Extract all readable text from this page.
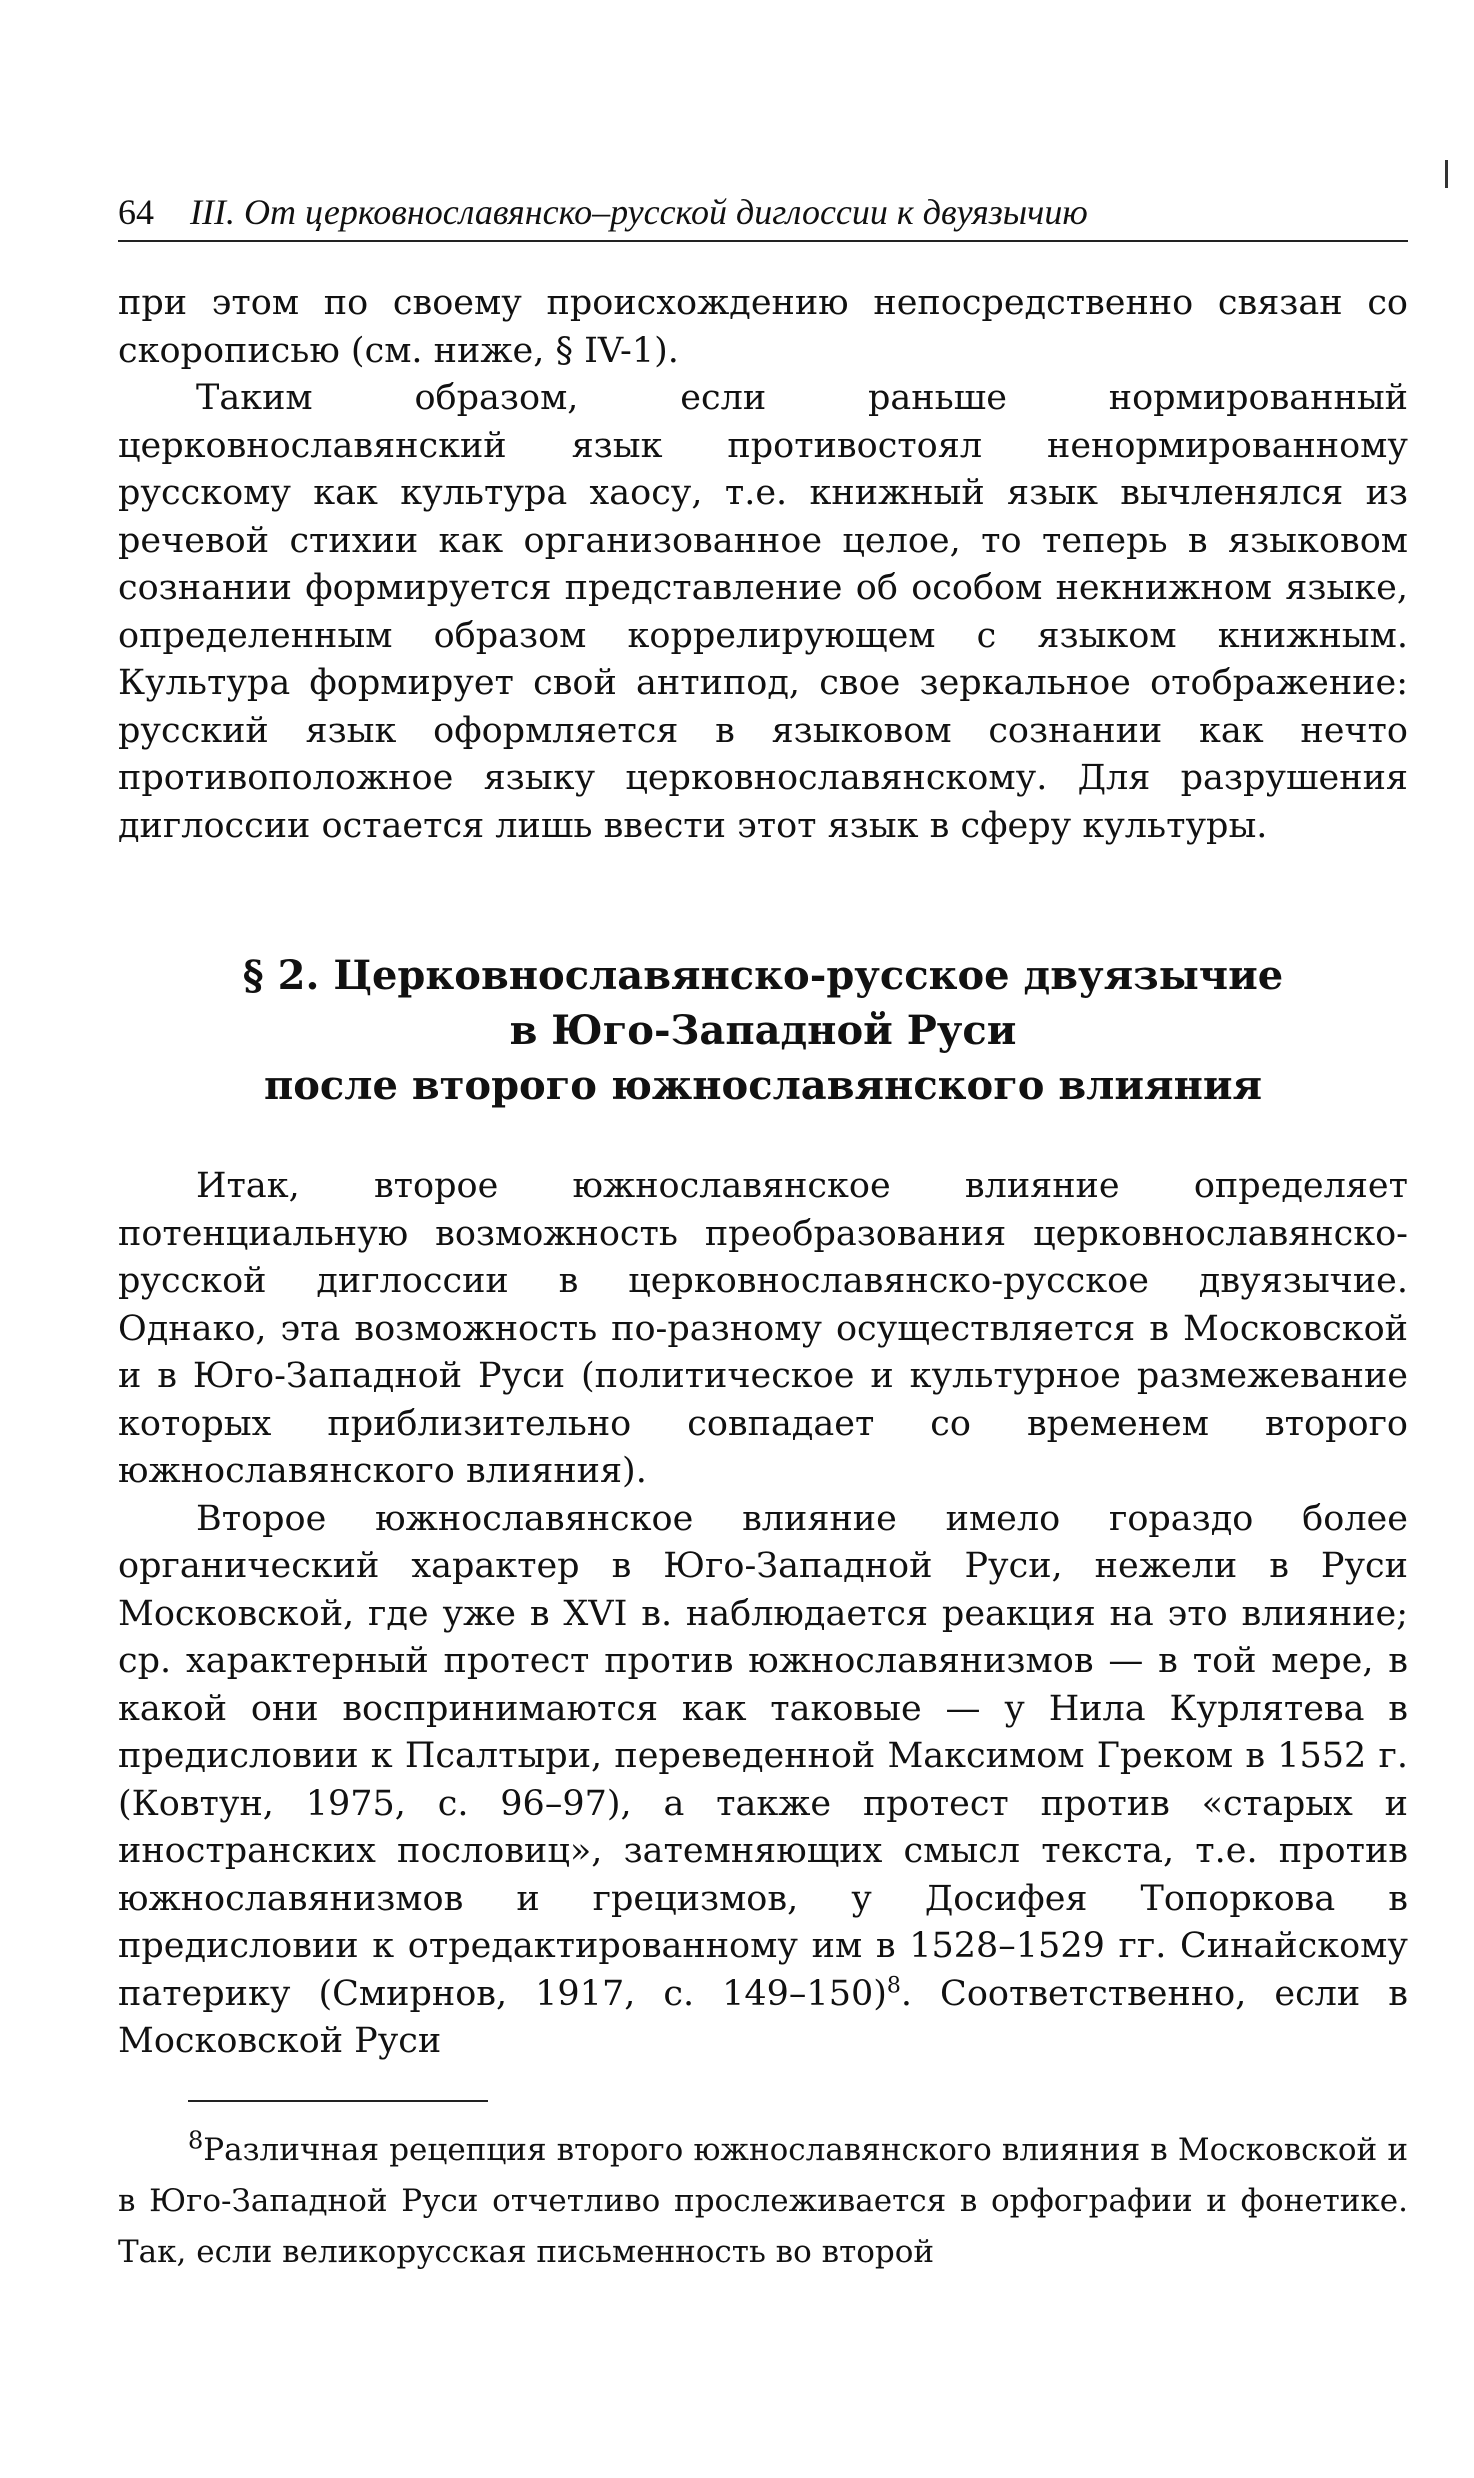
64 III. От церковнославянско–русской диглоссии к двуязычию

при этом по своему происхождению непосредственно связан со скорописью (см. ниже, § IV-1).

Таким образом, если раньше нормированный церковнославянский язык противостоял ненормированному русскому как культура хаосу, т.е. книжный язык вычленялся из речевой стихии как организованное целое, то теперь в языковом сознании формируется представление об особом некнижном языке, определенным образом коррелирующем с языком книжным. Культура формирует свой антипод, свое зеркальное отображение: русский язык оформляется в языковом сознании как нечто противоположное языку церковнославянскому. Для разрушения диглоссии остается лишь ввести этот язык в сферу культуры.

§ 2. Церковнославянско-русское двуязычие
в Юго-Западной Руси
после второго южнославянского влияния

Итак, второе южнославянское влияние определяет потенциальную возможность преобразования церковнославянско-русской диглоссии в церковнославянско-русское двуязычие. Однако, эта возможность по-разному осуществляется в Московской и в Юго-Западной Руси (политическое и культурное размежевание которых приблизительно совпадает со временем второго южнославянского влияния).

Второе южнославянское влияние имело гораздо более органический характер в Юго-Западной Руси, нежели в Руси Московской, где уже в XVI в. наблюдается реакция на это влияние; ср. характерный протест против южнославянизмов — в той мере, в какой они воспринимаются как таковые — у Нила Курлятева в предисловии к Псалтыри, переведенной Максимом Греком в 1552 г. (Ковтун, 1975, с. 96–97), а также протест против «старых и иностранских пословиц», затемняющих смысл текста, т.е. против южнославянизмов и грецизмов, у Досифея Топоркова в предисловии к отредактированному им в 1528–1529 гг. Синайскому патерику (Смирнов, 1917, с. 149–150)$^8$. Соответственно, если в Московской Руси

$^8$Различная рецепция второго южнославянского влияния в Московской и в Юго-Западной Руси отчетливо прослеживается в орфографии и фонетике. Так, если великорусская письменность во второй
